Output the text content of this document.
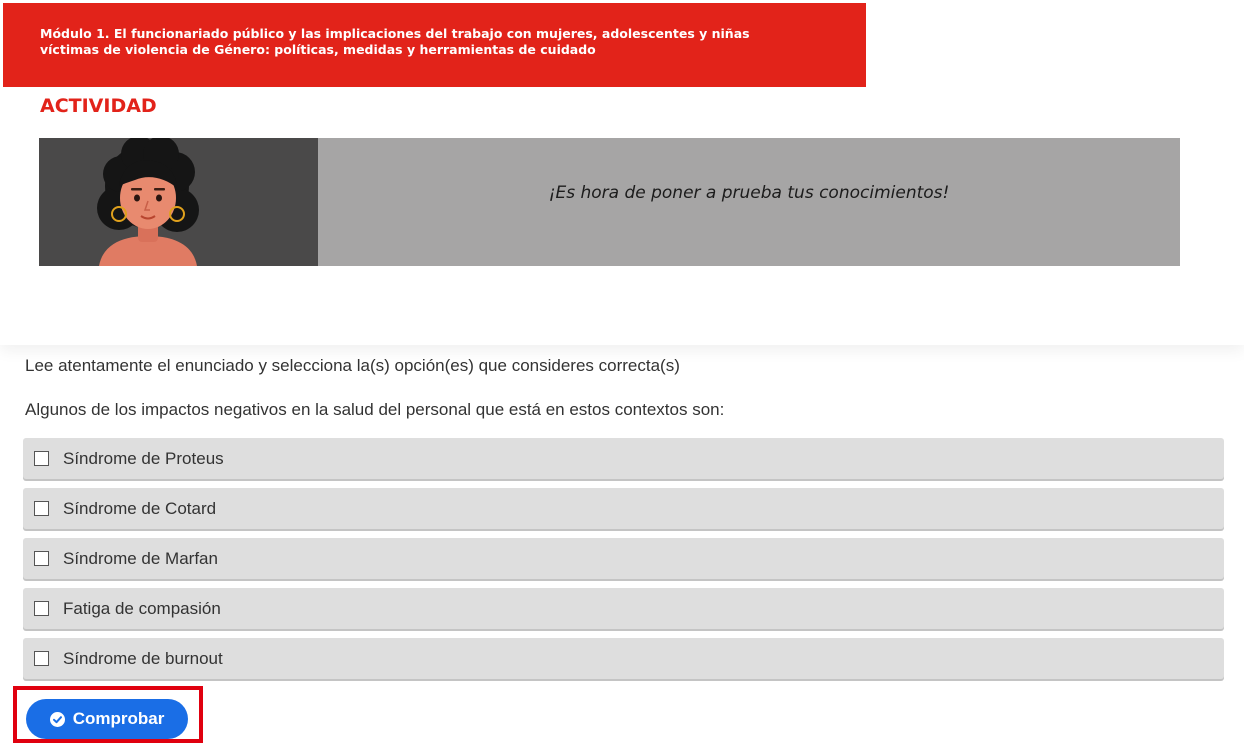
Módulo 1. El funcionariado público y las implicaciones del trabajo con mujeres, adolescentes y niñas
víctimas de violencia de Género: políticas, medidas y herramientas de cuidado
ACTIVIDAD
¡Es hora de poner a prueba tus conocimientos!
Lee atentamente el enunciado y selecciona la(s) opción(es) que consideres correcta(s)
Algunos de los impactos negativos en la salud del personal que está en estos contextos son:
Síndrome de Proteus
Síndrome de Cotard
Síndrome de Marfan
Fatiga de compasión
Síndrome de burnout
Comprobar
